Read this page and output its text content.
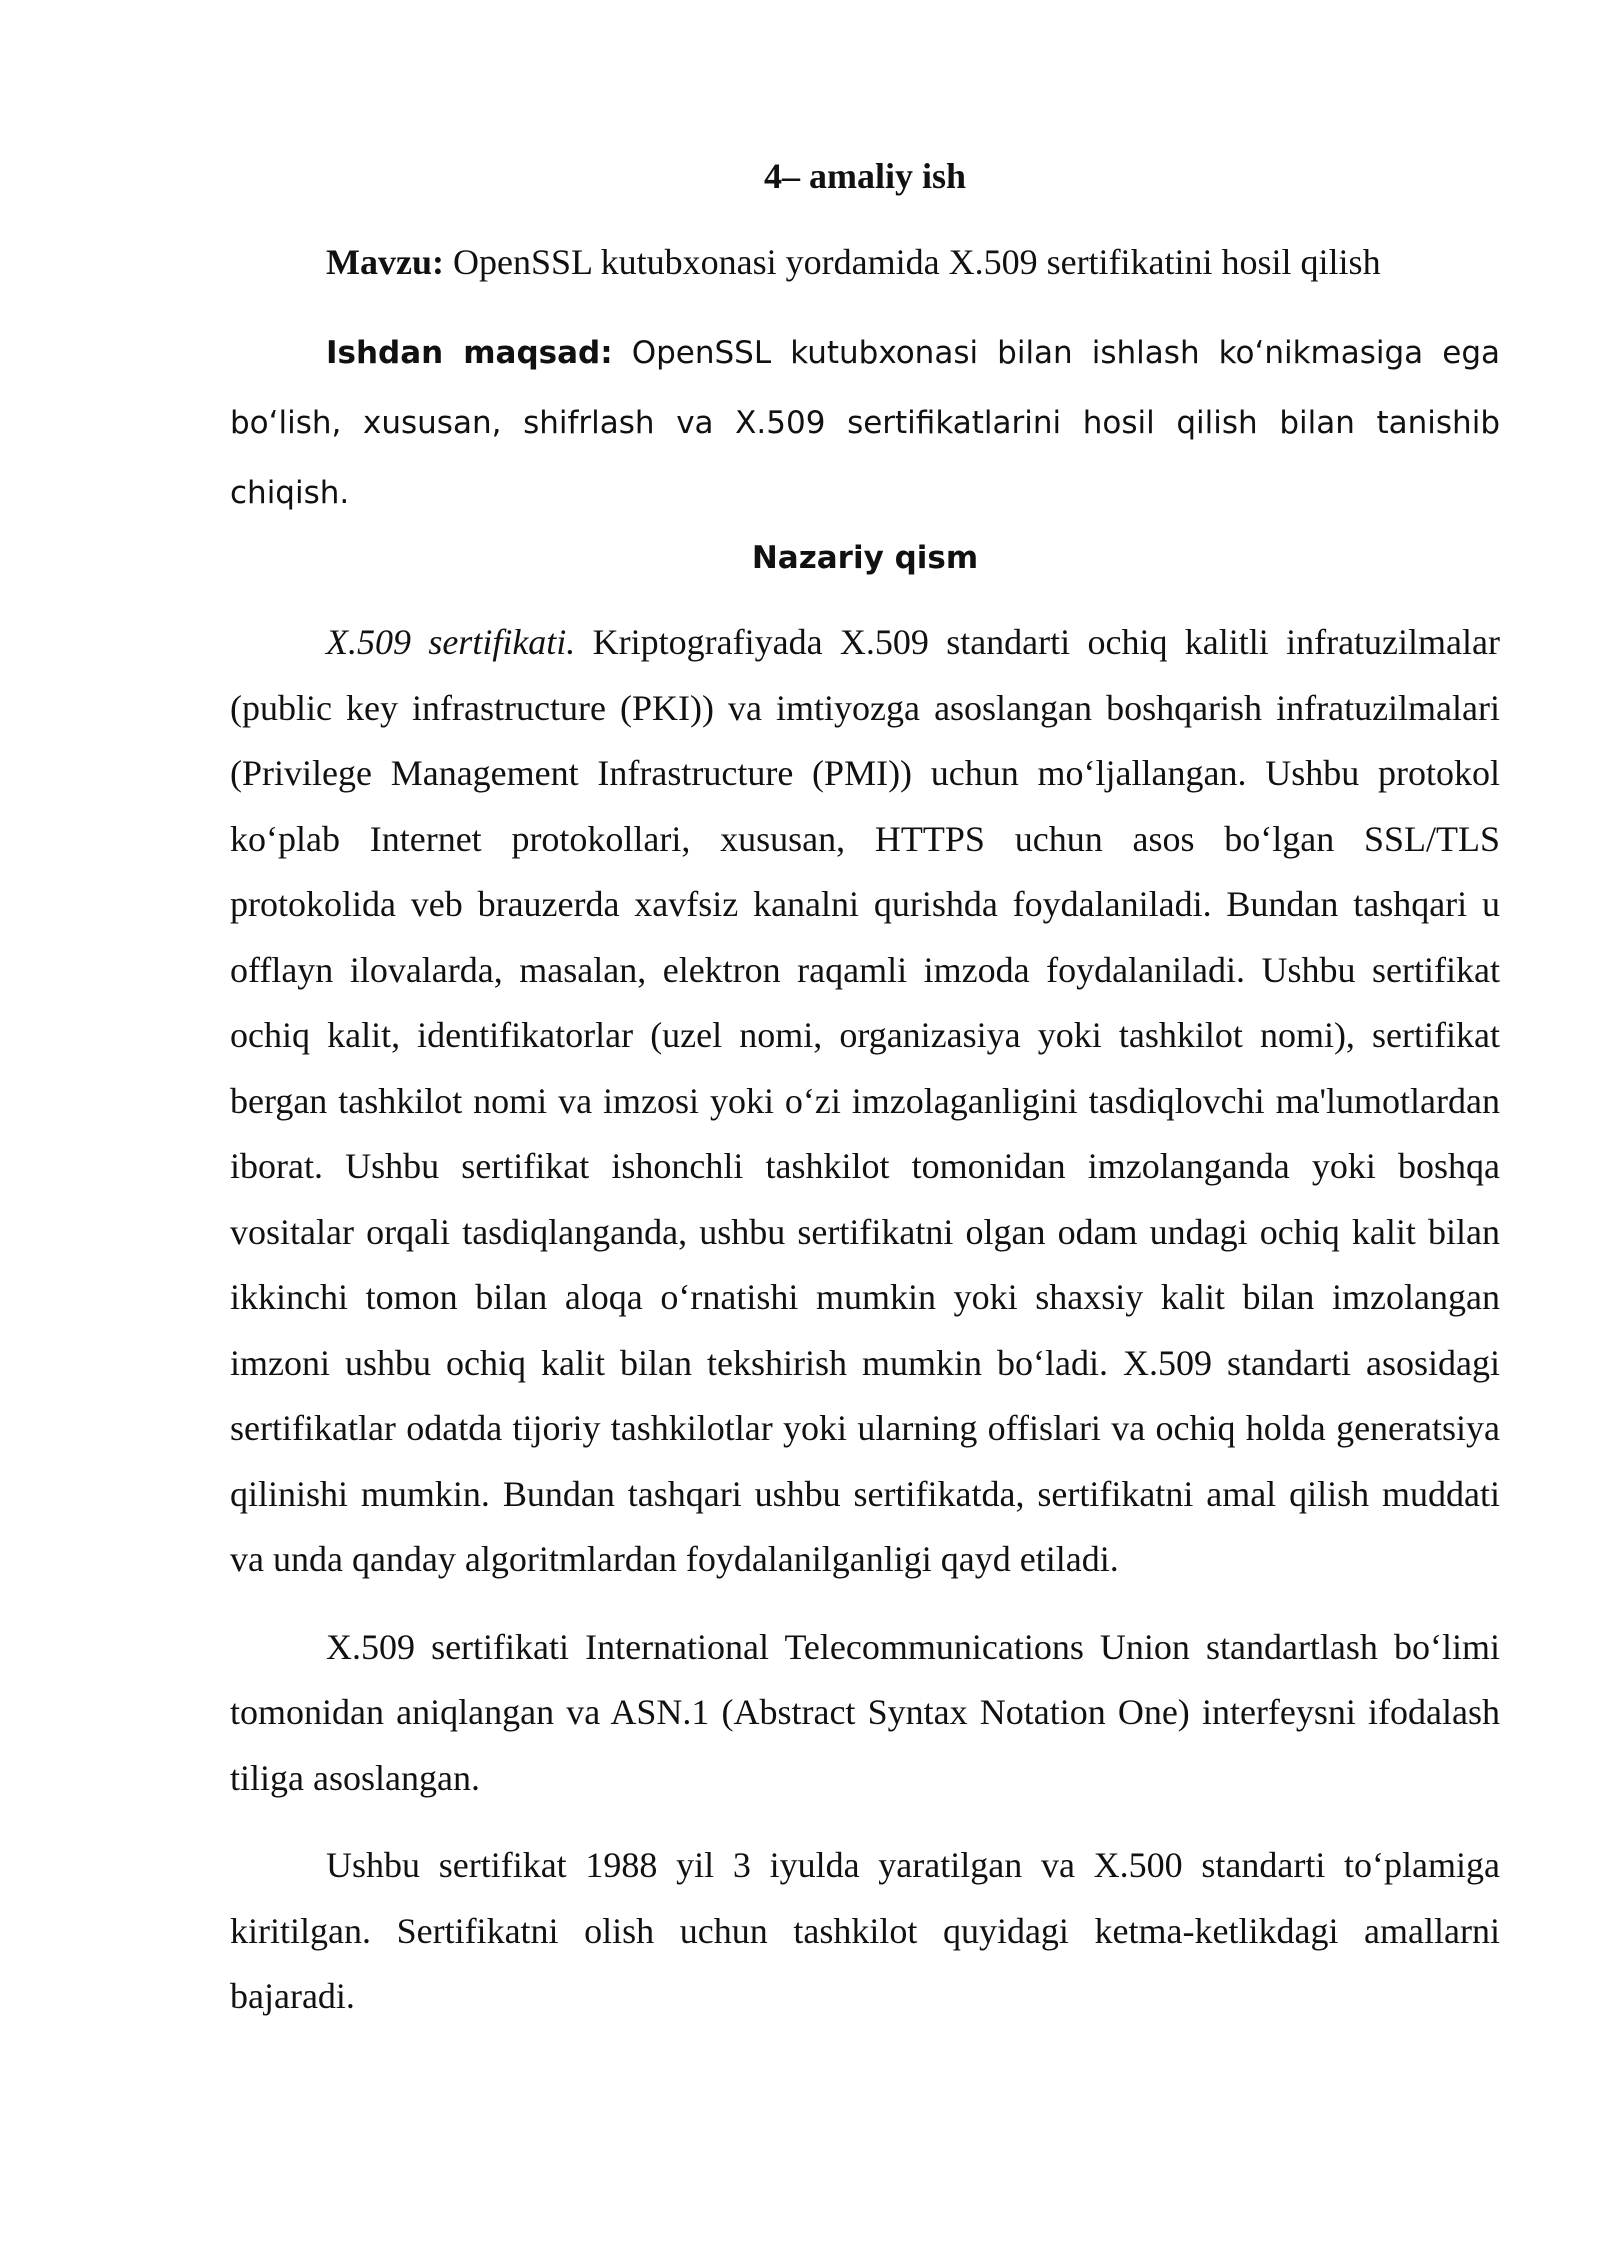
4– amaliy ish

Mavzu: OpenSSL kutubxonasi yordamida X.509 sertifikatini hosil qilish

Ishdan maqsad: OpenSSL kutubxonasi bilan ishlash ko‘nikmasiga ega bo‘lish, xususan, shifrlash va X.509 sertifikatlarini hosil qilish bilan tanishib chiqish.

Nazariy qism

X.509 sertifikati. Kriptografiyada X.509 standarti ochiq kalitli infratuzilmalar (public key infrastructure (PKI)) va imtiyozga asoslangan boshqarish infratuzilmalari (Privilege Management Infrastructure (PMI)) uchun mo‘ljallangan. Ushbu protokol ko‘plab Internet protokollari, xususan, HTTPS uchun asos bo‘lgan SSL/TLS protokolida veb brauzerda xavfsiz kanalni qurishda foydalaniladi. Bundan tashqari u offlayn ilovalarda, masalan, elektron raqamli imzoda foydalaniladi. Ushbu sertifikat ochiq kalit, identifikatorlar (uzel nomi, organizasiya yoki tashkilot nomi), sertifikat bergan tashkilot nomi va imzosi yoki o‘zi imzolaganligini tasdiqlovchi ma'lumotlardan iborat. Ushbu sertifikat ishonchli tashkilot tomonidan imzolanganda yoki boshqa vositalar orqali tasdiqlanganda, ushbu sertifikatni olgan odam undagi ochiq kalit bilan ikkinchi tomon bilan aloqa o‘rnatishi mumkin yoki shaxsiy kalit bilan imzolangan imzoni ushbu ochiq kalit bilan tekshirish mumkin bo‘ladi. X.509 standarti asosidagi sertifikatlar odatda tijoriy tashkilotlar yoki ularning offislari va ochiq holda generatsiya qilinishi mumkin. Bundan tashqari ushbu sertifikatda, sertifikatni amal qilish muddati va unda qanday algoritmlardan foydalanilganligi qayd etiladi.

X.509 sertifikati International Telecommunications Union standartlash bo‘limi tomonidan aniqlangan va ASN.1 (Abstract Syntax Notation One) interfeysni ifodalash tiliga asoslangan.

Ushbu sertifikat 1988 yil 3 iyulda yaratilgan va X.500 standarti to‘plamiga kiritilgan. Sertifikatni olish uchun tashkilot quyidagi ketma-ketlikdagi amallarni bajaradi.
